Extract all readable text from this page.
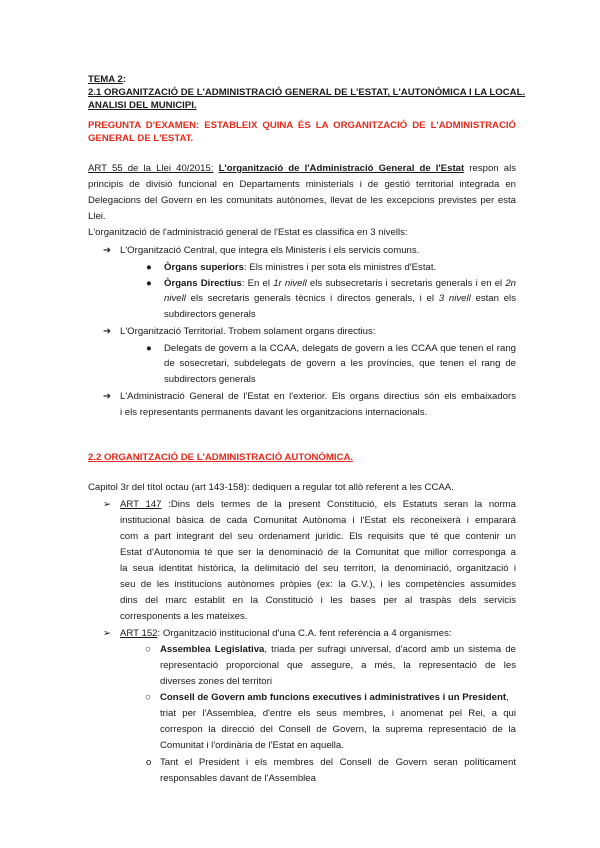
TEMA 2:
2.1 ORGANITZACIÓ DE L'ADMINISTRACIÓ GENERAL DE L'ESTAT, L'AUTONÒMICA I LA LOCAL.
ANALISI DEL MUNICIPI.
PREGUNTA D'EXAMEN: ESTABLEIX QUINA ÉS LA ORGANITZACIÓ DE L'ADMINISTRACIÓ
GENERAL DE L'ESTAT.
ART 55 de la Llei 40/2015: L'organització de l'Administració General de l'Estat respon als
principis de divisió funcional en Departaments ministerials i de gestió territorial integrada en
Delegacions del Govern en les comunitats autònomes, llevat de les excepcions previstes per esta
Llei.
L'organització de l'administració general de l'Estat es classifica en 3 nivells:
➔ L'Organització Central, que integra els Ministeris i els servicis comuns.
● Òrgans superiors: Els ministres i per sota els ministres d'Estat.
● Òrgans Directius: En el 1r nivell els subsecretaris i secretaris generals i en el 2n
nivell els secretaris generals tècnics i directos generals, i el 3 nivell estan els
subdirectors generals
➔ L'Organització Territorial. Trobem solament organs directius:
● Delegats de govern a la CCAA, delegats de govern a les CCAA que tenen el rang
de sosecretari, subdelegats de govern a les províncies, que tenen el rang de
subdirectors generals
➔ L'Administració General de l'Estat en l'exterior. Els organs directius són els embaixadors
i els representants permanents davant les organitzacions internacionals.
2.2 ORGANITZACIÓ DE L'ADMINISTRACIÓ AUTONÒMICA.
Capitol 3r del títol octau (art 143-158): dediquen a regular tot allò referent a les CCAA.
➢ ART 147 :Dins dels termes de la present Constitució, els Estatuts seran la norma
institucional bàsica de cada Comunitat Autònoma i l'Estat els reconeixerà i emparará
com a part integrant del seu ordenament jurídic. Els requisits que té que contenir un
Estat d'Autonomia té que ser la denominació de la Comunitat que millor corresponga a
la seua identitat històrica, la delimitació del seu territori, la denominació, organització i
seu de les institucions autònomes pròpies (ex: la G.V.), i les competències assumides
dins del marc establit en la Constitució i les bases per al traspàs dels servicis
corresponents a les mateixes.
➢ ART 152: Organització institucional d'una C.A. fent referència a 4 organismes:
○ Assemblea Legislativa, triada per sufragi universal, d'acord amb un sistema de
representació proporcional que assegure, a més, la representació de les
diverses zones del territori
○ Consell de Govern amb funcions executives i administratives i un President,
triat per l'Assemblea, d'entre els seus membres, i anomenat pel Rei, a qui
correspon la direcció del Consell de Govern, la suprema representació de la
Comunitat i l'ordinària de l'Estat en aquella.
o Tant el President i els membres del Consell de Govern seran políticament
responsables davant de l'Assemblea
